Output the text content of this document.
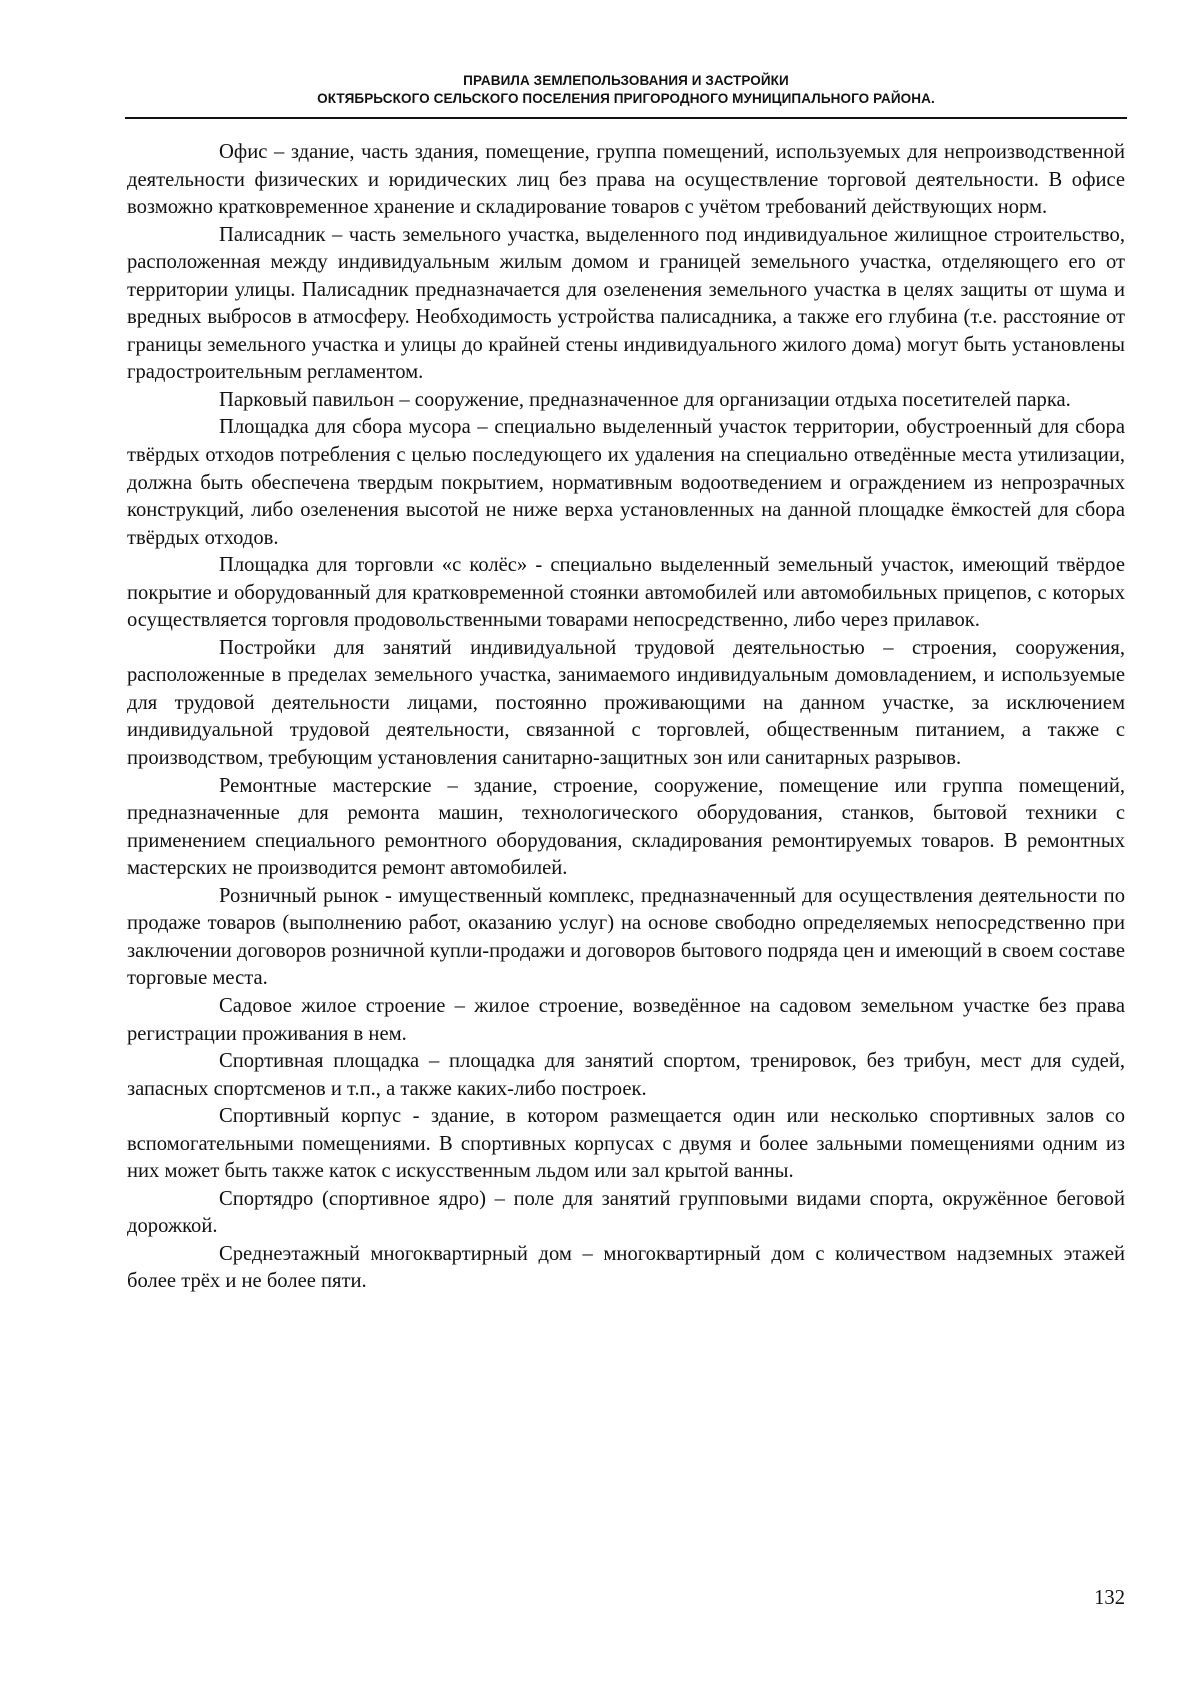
ПРАВИЛА ЗЕМЛЕПОЛЬЗОВАНИЯ И ЗАСТРОЙКИ
ОКТЯБРЬСКОГО СЕЛЬСКОГО ПОСЕЛЕНИЯ ПРИГОРОДНОГО МУНИЦИПАЛЬНОГО РАЙОНА.

Офис – здание, часть здания, помещение, группа помещений, используемых для непроизводственной деятельности физических и юридических лиц без права на осуществление торговой деятельности. В офисе возможно кратковременное хранение и складирование товаров с учётом требований действующих норм.

Палисадник – часть земельного участка, выделенного под индивидуальное жилищное строительство, расположенная между индивидуальным жилым домом и границей земельного участка, отделяющего его от территории улицы. Палисадник предназначается для озеленения земельного участка в целях защиты от шума и вредных выбросов в атмосферу. Необходимость устройства палисадника, а также его глубина (т.е. расстояние от границы земельного участка и улицы до крайней стены индивидуального жилого дома) могут быть установлены градостроительным регламентом.

Парковый павильон – сооружение, предназначенное для организации отдыха посетителей парка.

Площадка для сбора мусора – специально выделенный участок территории, обустроенный для сбора твёрдых отходов потребления с целью последующего их удаления на специально отведённые места утилизации, должна быть обеспечена твердым покрытием, нормативным водоотведением и ограждением из непрозрачных конструкций, либо озеленения высотой не ниже верха установленных на данной площадке ёмкостей для сбора твёрдых отходов.

Площадка для торговли «с колёс» - специально выделенный земельный участок, имеющий твёрдое покрытие и оборудованный для кратковременной стоянки автомобилей или автомобильных прицепов, с которых осуществляется торговля продовольственными товарами непосредственно, либо через прилавок.

Постройки для занятий индивидуальной трудовой деятельностью – строения, сооружения, расположенные в пределах земельного участка, занимаемого индивидуальным домовладением, и используемые для трудовой деятельности лицами, постоянно проживающими на данном участке, за исключением индивидуальной трудовой деятельности, связанной с торговлей, общественным питанием, а также с производством, требующим установления санитарно-защитных зон или санитарных разрывов.

Ремонтные мастерские – здание, строение, сооружение, помещение или группа помещений, предназначенные для ремонта машин, технологического оборудования, станков, бытовой техники с применением специального ремонтного оборудования, складирования ремонтируемых товаров. В ремонтных мастерских не производится ремонт автомобилей.

Розничный рынок - имущественный комплекс, предназначенный для осуществления деятельности по продаже товаров (выполнению работ, оказанию услуг) на основе свободно определяемых непосредственно при заключении договоров розничной купли-продажи и договоров бытового подряда цен и имеющий в своем составе торговые места.

Садовое жилое строение – жилое строение, возведённое на садовом земельном участке без права регистрации проживания в нем.

Спортивная площадка – площадка для занятий спортом, тренировок, без трибун, мест для судей, запасных спортсменов и т.п., а также каких-либо построек.

Спортивный корпус - здание, в котором размещается один или несколько спортивных залов со вспомогательными помещениями. В спортивных корпусах с двумя и более зальными помещениями одним из них может быть также каток с искусственным льдом или зал крытой ванны.

Спортядро (спортивное ядро) – поле для занятий групповыми видами спорта, окружённое беговой дорожкой.

Среднеэтажный многоквартирный дом – многоквартирный дом с количеством надземных этажей более трёх и не более пяти.

132
